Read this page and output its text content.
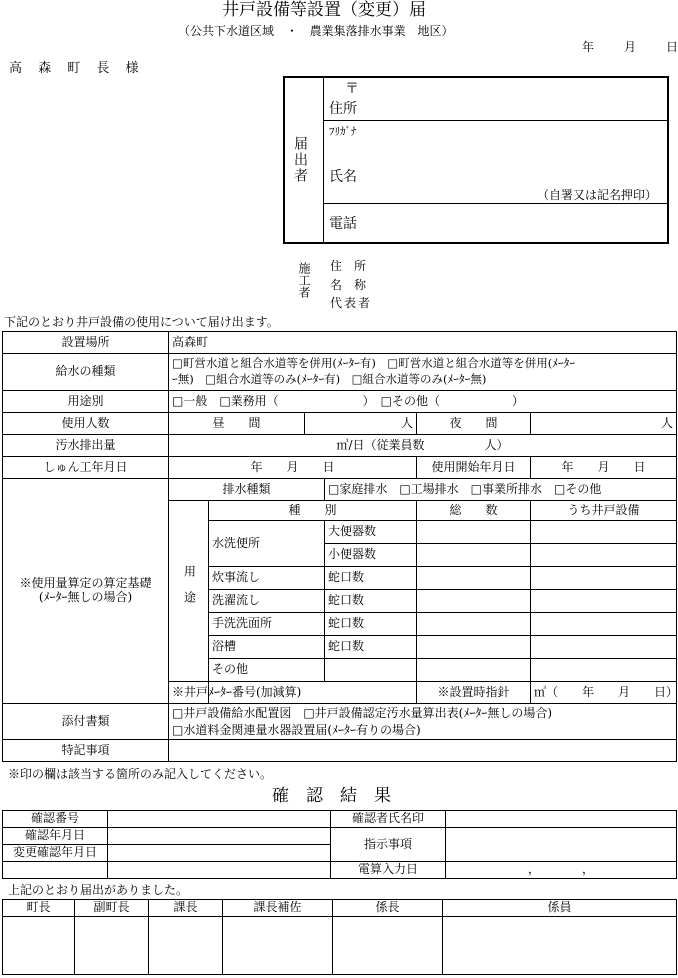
井戸設備等設置（変更）届
（公共下水道区域 ・ 農業集落排水事業 地区）
年	月	日
高 森 町 長 様
届出者
〒
住所
ﾌﾘｶﾞﾅ
氏名
（自署又は記名押印）
電話
施工者 住　所
名　称
代表者
下記のとおり井戸設備の使用について届け出ます。
設置場所	高森町					
給水の種類	□町営水道と組合水道等を併用(ﾒｰﾀｰ有)　□町営水道と組合水道等を併用(ﾒｰﾀｰ
ｰ無)　□組合水道等のみ(ﾒｰﾀｰ有)　□組合水道等のみ(ﾒｰﾀｰ無)					

用途別	□一般　□業務用（　　　　　　　）　□その他（　　　　　　）					
使用人数	昼　　間		人		夜　　間	人
汚水排出量	㎥/日（従業員数　　　　　人）					
しゅん工年月日	年　　月　　日				使用開始年月日	年　　月　　日

※使用量算定の算定基礎
(ﾒｰﾀｰ無しの場合)	排水種類			□家庭排水　□工場排水　□事業所排水　□その他		

	用途	種　　別			総　　数	うち井戸設備
		水洗便所		大便器数		
				小便器数		
		炊事流し		蛇口数		
		洗濯流し		蛇口数		
		手洗洗面所		蛇口数		
		浴槽		蛇口数		
		その他				
	※井戸ﾒｰﾀｰ番号(加減算)				※設置時指針	㎥（　　年　　月　　日）
添付書類	□井戸設備給水配置図　□井戸設備認定汚水量算出表(ﾒｰﾀｰ無しの場合)
□水道料金関連量水器設置届(ﾒｰﾀｰ有りの場合)					

特記事項						
※印の欄は該当する箇所のみ記入してください。
確　認　結　果
確認番号		確認者氏名印	
確認年月日		指示事項	
変更確認年月日			
		電算入力日	，　　　　，
上記のとおり届出がありました。
町長	副町長	課長	課長補佐	係長	係員
